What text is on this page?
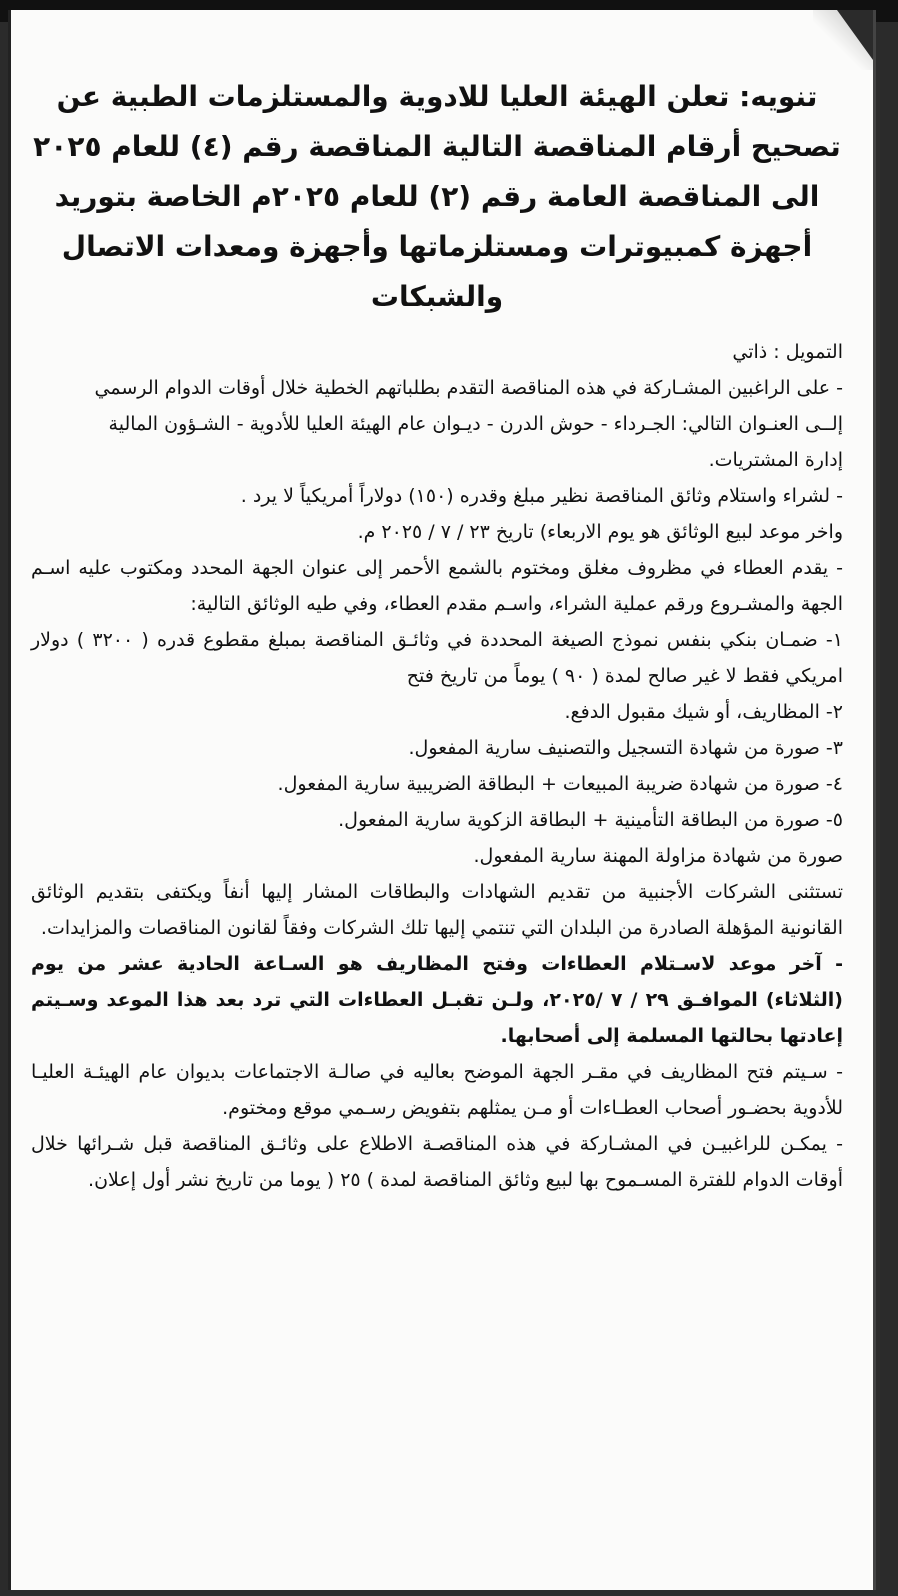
تنويه: تعلن الهيئة العليا للادوية والمستلزمات الطبية عن تصحيح أرقام المناقصة التالية المناقصة رقم (٤) للعام ٢٠٢٥ الى المناقصة العامة رقم (٢) للعام ٢٠٢٥م الخاصة بتوريد أجهزة كمبيوترات ومستلزماتها وأجهزة ومعدات الاتصال والشبكات

التمويل : ذاتي

- على الراغبين المشـاركة في هذه المناقصة التقدم بطلباتهم الخطية خلال أوقات الدوام الرسمي

إلــى العنـوان التالي: الجـرداء - حوش الدرن - ديـوان عام الهيئة العليا للأدوية - الشـؤون المالية

إدارة المشتريات.

- لشراء واستلام وثائق المناقصة نظير مبلغ وقدره (١٥٠) دولاراً أمريكياً لا يرد .

واخر موعد لبيع الوثائق هو يوم الاربعاء) تاريخ ٢٣ / ٧ / ٢٠٢٥ م.

- يقدم العطاء في مظروف مغلق ومختوم بالشمع الأحمر إلى عنوان الجهة المحدد ومكتوب عليه اسـم الجهة والمشـروع ورقم عملية الشراء، واسـم مقدم العطاء، وفي طيه الوثائق التالية:

١- ضمـان بنكي بنفس نموذج الصيغة المحددة في وثائـق المناقصة بمبلغ مقطوع قدره ( ٣٢٠٠ ) دولار امريكي فقط لا غير صالح لمدة ( ٩٠ ) يوماً من تاريخ فتح

٢- المظاريف، أو شيك مقبول الدفع.

٣- صورة من شهادة التسجيل والتصنيف سارية المفعول.

٤- صورة من شهادة ضريبة المبيعات + البطاقة الضريبية سارية المفعول.

٥- صورة من البطاقة التأمينية + البطاقة الزكوية سارية المفعول.

صورة من شهادة مزاولة المهنة سارية المفعول.

تستثنى الشركات الأجنبية من تقديم الشهادات والبطاقات المشار إليها أنفاً ويكتفى بتقديم الوثائق القانونية المؤهلة الصادرة من البلدان التي تنتمي إليها تلك الشركات وفقاً لقانون المناقصات والمزايدات.

- آخر موعد لاسـتلام العطاءات وفتح المظاريف هو السـاعة الحادية عشر من يوم (الثلاثاء) الموافـق ٢٩ / ٧ /٢٠٢٥، ولـن تقبـل العطاءات التي ترد بعد هذا الموعد وسـيتم إعادتها بحالتها المسلمة إلى أصحابها.

- سـيتم فتح المظاريف في مقـر الجهة الموضح بعاليه في صالـة الاجتماعات بديوان عام الهيئـة العليـا للأدوية بحضـور أصحاب العطـاءات أو مـن يمثلهم بتفويض رسـمي موقع ومختوم.

- يمكـن للراغبيـن في المشـاركة في هذه المناقصـة الاطلاع على وثائـق المناقصة قبل شـرائها خلال أوقات الدوام للفترة المسـموح بها لبيع وثائق المناقصة لمدة ) ٢٥ ( يوما من تاريخ نشر أول إعلان.
